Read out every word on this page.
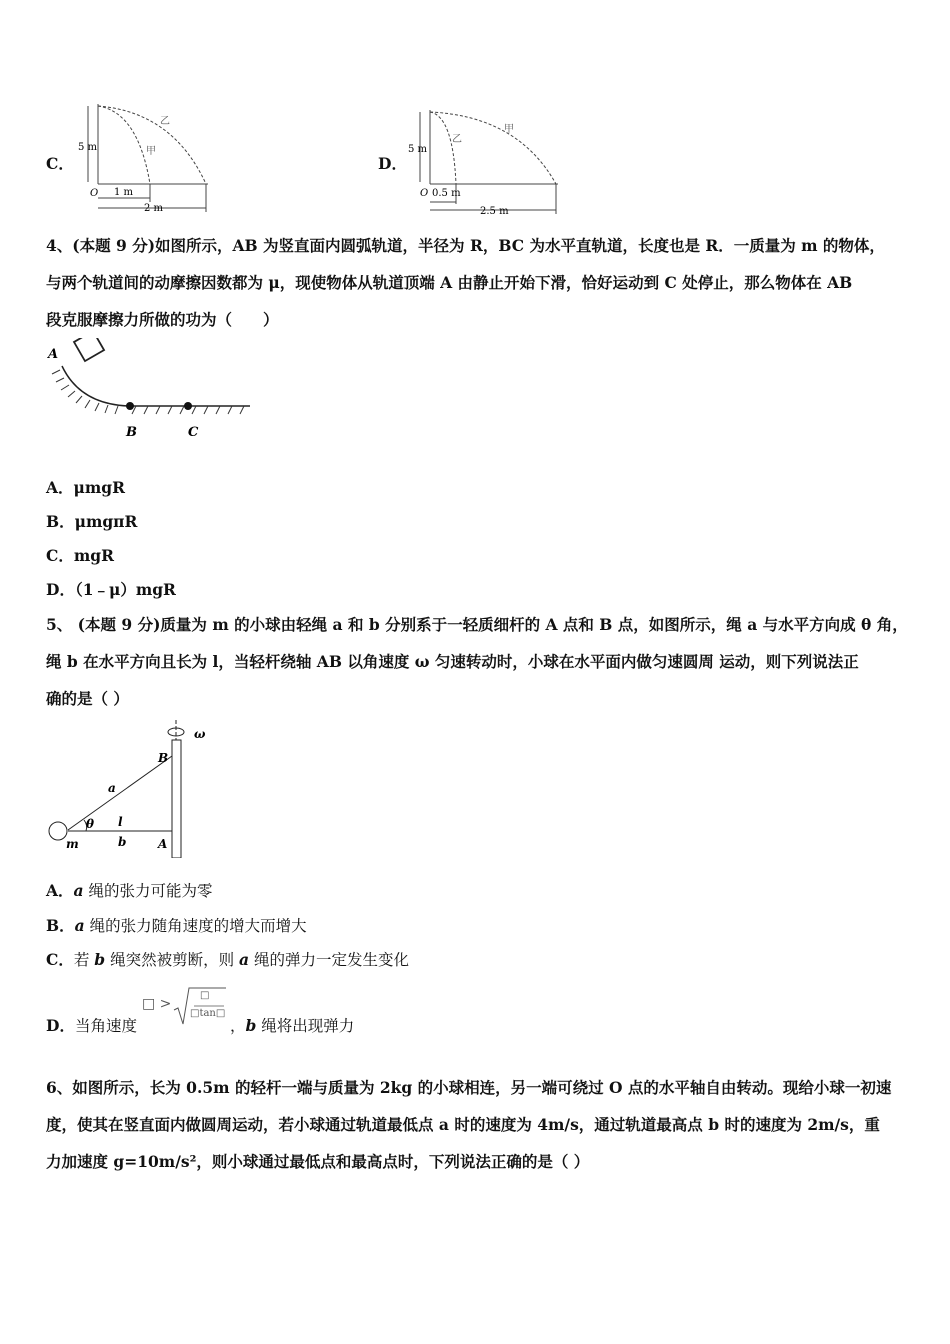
C．
5 m
O 1 m
2 m
乙
甲
D．
5 m
O 0.5 m
2.5 m
乙
甲
4、(本题 9 分)如图所示，AB 为竖直面内圆弧轨道，半径为 R，BC 为水平直轨道，长度也是 R．一质量为 m 的物体，
与两个轨道间的动摩擦因数都为 μ，现使物体从轨道顶端 A 由静止开始下滑，恰好运动到 C 处停止，那么物体在 AB
段克服摩擦力所做的功为（　　）
A
B	C
A．μmgR
B．μmgπR
C．mgR
D．（1﹣μ）mgR
5、 (本题 9 分)质量为 m 的小球由轻绳 a 和 b 分别系于一轻质细杆的 A 点和 B 点，如图所示，绳 a 与水平方向成 θ 角，
绳 b 在水平方向且长为 l，当轻杆绕轴 AB 以角速度 ω 匀速转动时，小球在水平面内做匀速圆周 运动，则下列说法正
确的是（ ）
ω
B
a
θ l
m	b	A
A．a 绳的张力可能为零
B．a 绳的张力随角速度的增大而增大
C．若 b 绳突然被剪断，则 a 绳的弹力一定发生变化
D．当角速度
□ >
□
□tan□
，b 绳将出现弹力
6、如图所示，长为 0.5m 的轻杆一端与质量为 2kg 的小球相连，另一端可绕过 O 点的水平轴自由转动。现给小球一初速
度，使其在竖直面内做圆周运动，若小球通过轨道最低点 a 时的速度为 4m/s，通过轨道最高点 b 时的速度为 2m/s，重
力加速度 g=10m/s²，则小球通过最低点和最高点时，下列说法正确的是（ ）
